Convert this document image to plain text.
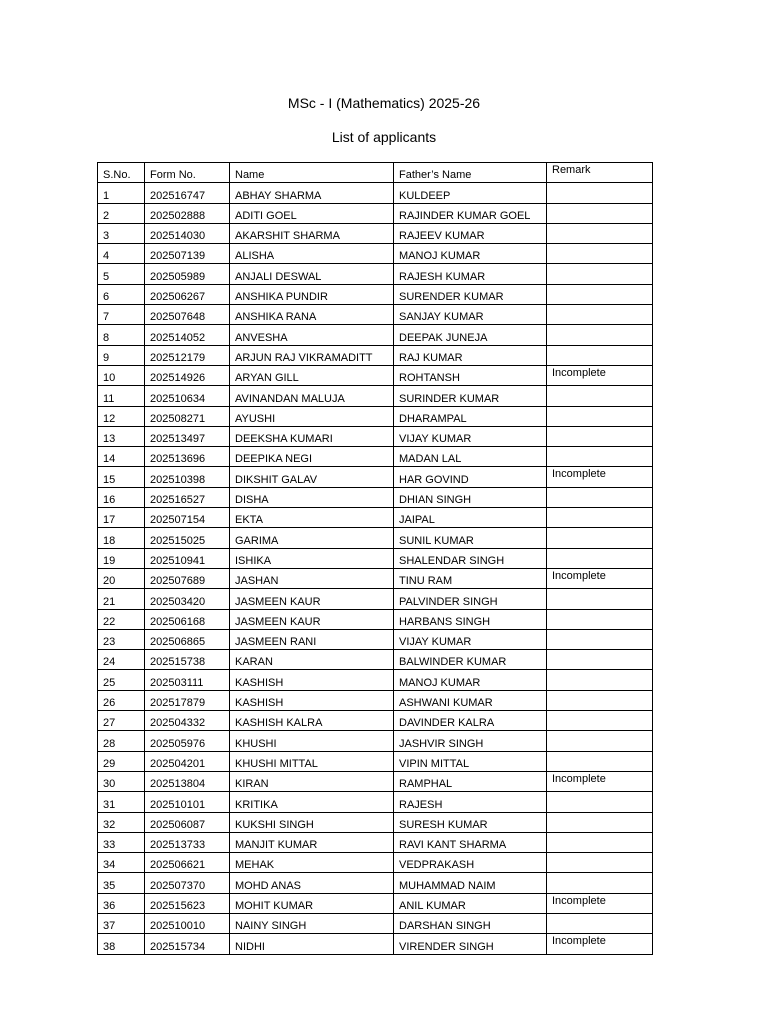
MSc - I (Mathematics) 2025-26
List of applicants
S.No.	Form No.	Name	Father’s Name	Remark
1	202516747	ABHAY SHARMA	KULDEEP	
2	202502888	ADITI GOEL	RAJINDER KUMAR GOEL	
3	202514030	AKARSHIT SHARMA	RAJEEV KUMAR	
4	202507139	ALISHA	MANOJ KUMAR	
5	202505989	ANJALI DESWAL	RAJESH KUMAR	
6	202506267	ANSHIKA PUNDIR	SURENDER KUMAR	
7	202507648	ANSHIKA RANA	SANJAY KUMAR	
8	202514052	ANVESHA	DEEPAK JUNEJA	
9	202512179	ARJUN RAJ VIKRAMADITT	RAJ KUMAR	
10	202514926	ARYAN GILL	ROHTANSH	Incomplete
11	202510634	AVINANDAN MALUJA	SURINDER KUMAR	
12	202508271	AYUSHI	DHARAMPAL	
13	202513497	DEEKSHA KUMARI	VIJAY KUMAR	
14	202513696	DEEPIKA NEGI	MADAN LAL	
15	202510398	DIKSHIT GALAV	HAR GOVIND	Incomplete
16	202516527	DISHA	DHIAN SINGH	
17	202507154	EKTA	JAIPAL	
18	202515025	GARIMA	SUNIL KUMAR	
19	202510941	ISHIKA	SHALENDAR SINGH	
20	202507689	JASHAN	TINU RAM	Incomplete
21	202503420	JASMEEN KAUR	PALVINDER SINGH	
22	202506168	JASMEEN KAUR	HARBANS SINGH	
23	202506865	JASMEEN RANI	VIJAY KUMAR	
24	202515738	KARAN	BALWINDER KUMAR	
25	202503111	KASHISH	MANOJ KUMAR	
26	202517879	KASHISH	ASHWANI KUMAR	
27	202504332	KASHISH KALRA	DAVINDER KALRA	
28	202505976	KHUSHI	JASHVIR SINGH	
29	202504201	KHUSHI MITTAL	VIPIN MITTAL	
30	202513804	KIRAN	RAMPHAL	Incomplete
31	202510101	KRITIKA	RAJESH	
32	202506087	KUKSHI SINGH	SURESH KUMAR	
33	202513733	MANJIT KUMAR	RAVI KANT SHARMA	
34	202506621	MEHAK	VEDPRAKASH	
35	202507370	MOHD ANAS	MUHAMMAD NAIM	
36	202515623	MOHIT KUMAR	ANIL KUMAR	Incomplete
37	202510010	NAINY SINGH	DARSHAN SINGH	
38	202515734	NIDHI	VIRENDER SINGH	Incomplete
